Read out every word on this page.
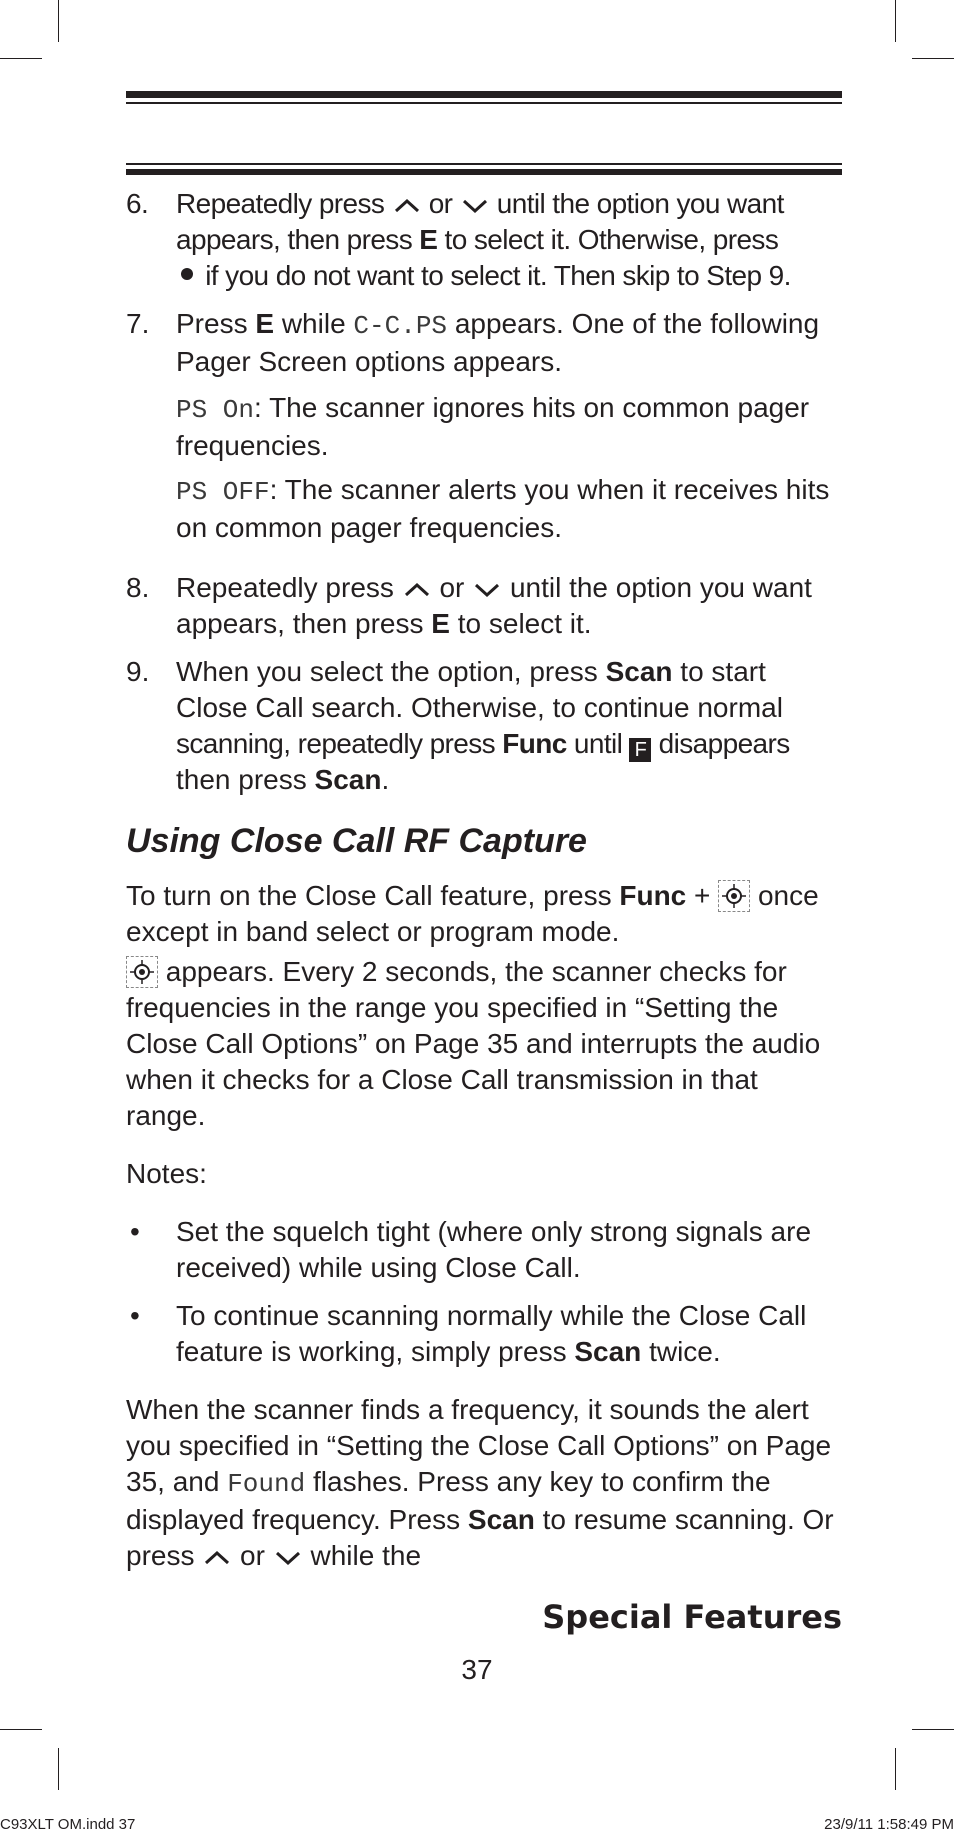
6. Repeatedly press or until the option you want appears, then press E to select it. Otherwise, press
if you do not want to select it. Then skip to Step 9.
7. Press E while C-C.PS appears. One of the following Pager Screen options appears.
PS On: The scanner ignores hits on common pager frequencies.
PS OFF: The scanner alerts you when it receives hits on common pager frequencies.
8. Repeatedly press or until the option you want appears, then press E to select it.
9. When you select the option, press Scan to start Close Call search. Otherwise, to continue normal scanning, repeatedly press Func until F disappears
then press Scan.
Using Close Call RF Capture

To turn on the Close Call feature, press Func + once except in band select or program mode.

appears. Every 2 seconds, the scanner checks for frequencies in the range you specified in “Setting the Close Call Options” on Page 35 and interrupts the audio when it checks for a Close Call transmission in that range.

Notes:

• Set the squelch tight (where only strong signals are received) while using Close Call.
• To continue scanning normally while the Close Call feature is working, simply press Scan twice.

When the scanner finds a frequency, it sounds the alert you specified in “Setting the Close Call Options” on Page 35, and Found flashes. Press any key to confirm the displayed frequency. Press Scan to resume scanning. Or press or while the

Special Features
37
C93XLT OM.indd 37	23/9/11 1:58:49 PM
